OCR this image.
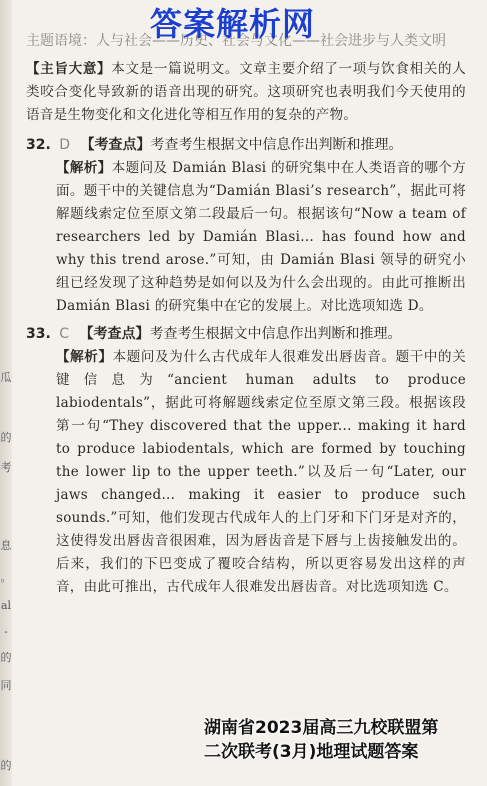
瓜
的
考
息
。
al
-
的
同
的

主题语境：人与社会——历史、社会与文化——社会进步与人类文明

【主旨大意】本文是一篇说明文。文章主要介绍了一项与饮食相关的人类咬合变化导致新的语音出现的研究。这项研究也表明我们今天使用的语音是生物变化和文化进化等相互作用的复杂的产物。

32. D 【考查点】考查考生根据文中信息作出判断和推理。

【解析】本题问及 Damián Blasi 的研究集中在人类语音的哪个方面。题干中的关键信息为“Damián Blasi’s research”，据此可将解题线索定位至原文第二段最后一句。根据该句“Now a team of researchers led by Damián Blasi... has found how and why this trend arose.”可知，由 Damián Blasi 领导的研究小组已经发现了这种趋势是如何以及为什么会出现的。由此可推断出 Damián Blasi 的研究集中在它的发展上。对比选项知选 D。

33. C 【考查点】考查考生根据文中信息作出判断和推理。

【解析】本题问及为什么古代成年人很难发出唇齿音。题干中的关键信息为“ancient human adults to produce labiodentals”，据此可将解题线索定位至原文第三段。根据该段第一句“They discovered that the upper... making it hard to produce labiodentals, which are formed by touching the lower lip to the upper teeth.”以及后一句“Later, our jaws changed... making it easier to produce such sounds.”可知，他们发现古代成年人的上门牙和下门牙是对齐的，这使得发出唇齿音很困难，因为唇齿音是下唇与上齿接触发出的。后来，我们的下巴变成了覆咬合结构，所以更容易发出这样的声音，由此可推出，古代成年人很难发出唇齿音。对比选项知选 C。

答案解析网
湖南省2023届高三九校联盟第
二次联考(3月)地理试题答案
